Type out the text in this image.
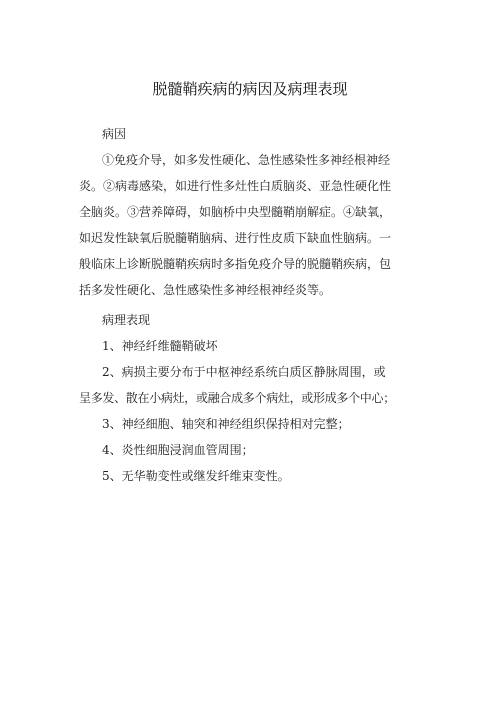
脱髓鞘疾病的病因及病理表现
病因
①免疫介导，如多发性硬化、急性感染性多神经根神经
炎。②病毒感染，如进行性多灶性白质脑炎、亚急性硬化性
全脑炎。③营养障碍，如脑桥中央型髓鞘崩解症。④缺氧，
如迟发性缺氧后脱髓鞘脑病、进行性皮质下缺血性脑病。一
般临床上诊断脱髓鞘疾病时多指免疫介导的脱髓鞘疾病，包
括多发性硬化、急性感染性多神经根神经炎等。
病理表现
1、神经纤维髓鞘破坏
2、病损主要分布于中枢神经系统白质区静脉周围，或
呈多发、散在小病灶，或融合成多个病灶，或形成多个中心；
3、神经细胞、轴突和神经组织保持相对完整；
4、炎性细胞浸润血管周围；
5、无华勒变性或继发纤维束变性。
